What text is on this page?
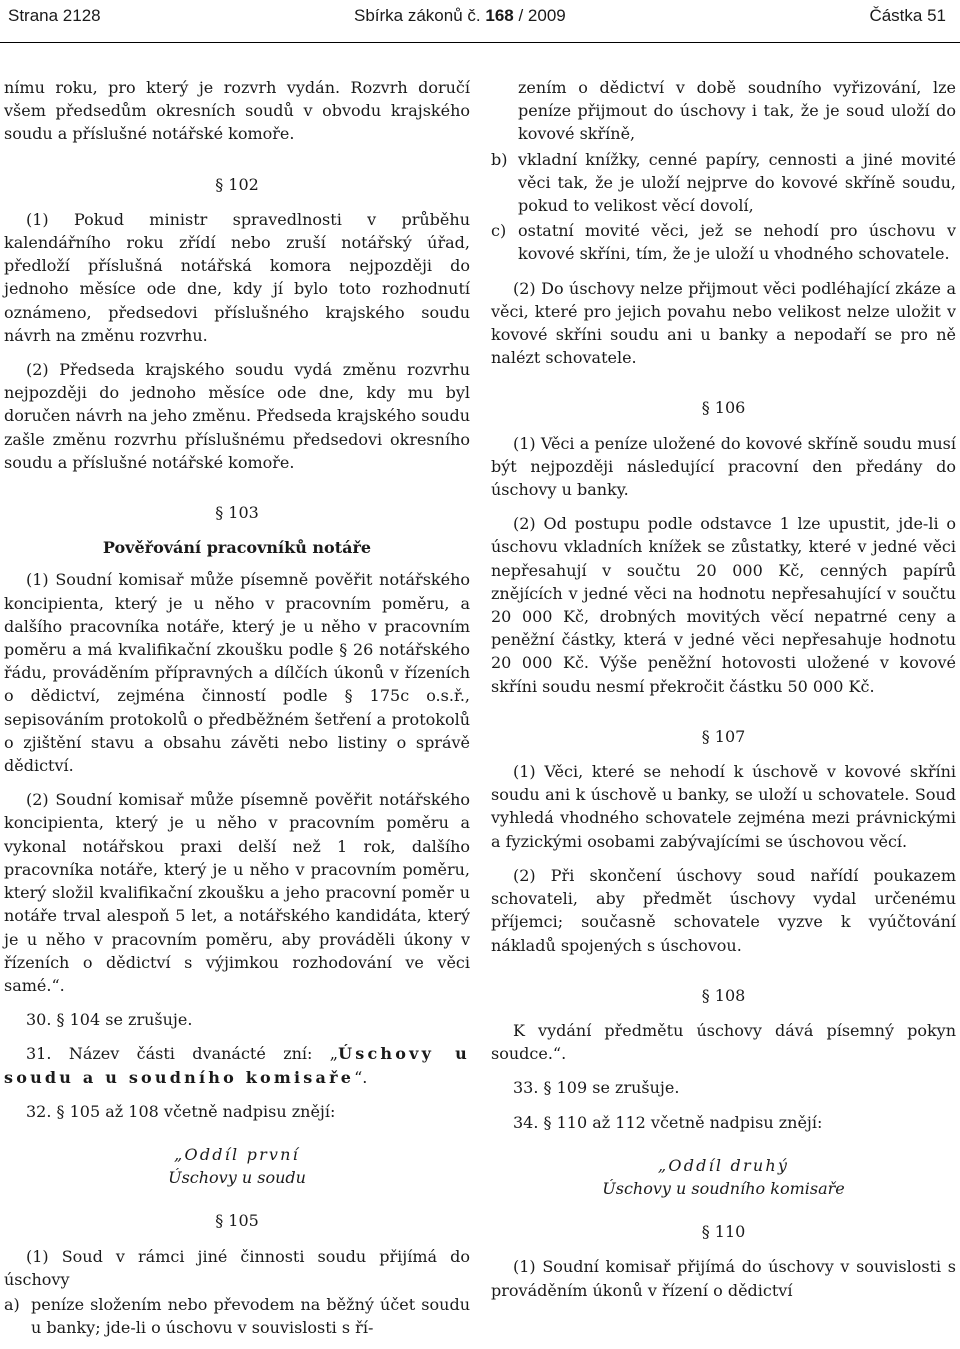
Strana 2128	Sbírka zákonů č. 168 / 2009	Částka 51

nímu roku, pro který je rozvrh vydán. Rozvrh doručí všem předsedům okresních soudů v obvodu krajského soudu a příslušné notářské komoře.

§ 102

(1) Pokud ministr spravedlnosti v průběhu kalendářního roku zřídí nebo zruší notářský úřad, předloží příslušná notářská komora nejpozději do jednoho měsíce ode dne, kdy jí bylo toto rozhodnutí oznámeno, předsedovi příslušného krajského soudu návrh na změnu rozvrhu.

(2) Předseda krajského soudu vydá změnu rozvrhu nejpozději do jednoho měsíce ode dne, kdy mu byl doručen návrh na jeho změnu. Předseda krajského soudu zašle změnu rozvrhu příslušnému předsedovi okresního soudu a příslušné notářské komoře.

§ 103

Pověřování pracovníků notáře

(1) Soudní komisař může písemně pověřit notářského koncipienta, který je u něho v pracovním poměru, a dalšího pracovníka notáře, který je u něho v pracovním poměru a má kvalifikační zkoušku podle § 26 notářského řádu, prováděním přípravných a dílčích úkonů v řízeních o dědictví, zejména činností podle § 175c o.s.ř., sepisováním protokolů o předběžném šetření a protokolů o zjištění stavu a obsahu závěti nebo listiny o správě dědictví.

(2) Soudní komisař může písemně pověřit notářského koncipienta, který je u něho v pracovním poměru a vykonal notářskou praxi delší než 1 rok, dalšího pracovníka notáře, který je u něho v pracovním poměru, který složil kvalifikační zkoušku a jeho pracovní poměr u notáře trval alespoň 5 let, a notářského kandidáta, který je u něho v pracovním poměru, aby prováděli úkony v řízeních o dědictví s výjimkou rozhodování ve věci samé.“.

30. § 104 se zrušuje.

31. Název části dvanácté zní: „Úschovy u soudu a u soudního komisaře“.

32. § 105 až 108 včetně nadpisu znějí:

„Oddíl první

Úschovy u soudu

§ 105

(1) Soud v rámci jiné činnosti soudu přijímá do úschovy

a) peníze složením nebo převodem na běžný účet soudu u banky; jde-li o úschovu v souvislosti s ří-

zením o dědictví v době soudního vyřizování, lze peníze přijmout do úschovy i tak, že je soud uloží do kovové skříně,

b) vkladní knížky, cenné papíry, cennosti a jiné movité věci tak, že je uloží nejprve do kovové skříně soudu, pokud to velikost věcí dovolí,

c) ostatní movité věci, jež se nehodí pro úschovu v kovové skříni, tím, že je uloží u vhodného schovatele.

(2) Do úschovy nelze přijmout věci podléhající zkáze a věci, které pro jejich povahu nebo velikost nelze uložit v kovové skříni soudu ani u banky a nepodaří se pro ně nalézt schovatele.

§ 106

(1) Věci a peníze uložené do kovové skříně soudu musí být nejpozději následující pracovní den předány do úschovy u banky.

(2) Od postupu podle odstavce 1 lze upustit, jde-li o úschovu vkladních knížek se zůstatky, které v jedné věci nepřesahují v součtu 20 000 Kč, cenných papírů znějících v jedné věci na hodnotu nepřesahující v součtu 20 000 Kč, drobných movitých věcí nepatrné ceny a peněžní částky, která v jedné věci nepřesahuje hodnotu 20 000 Kč. Výše peněžní hotovosti uložené v kovové skříni soudu nesmí překročit částku 50 000 Kč.

§ 107

(1) Věci, které se nehodí k úschově v kovové skříni soudu ani k úschově u banky, se uloží u schovatele. Soud vyhledá vhodného schovatele zejména mezi právnickými a fyzickými osobami zabývajícími se úschovou věcí.

(2) Při skončení úschovy soud nařídí poukazem schovateli, aby předmět úschovy vydal určenému příjemci; současně schovatele vyzve k vyúčtování nákladů spojených s úschovou.

§ 108

K vydání předmětu úschovy dává písemný pokyn soudce.“.

33. § 109 se zrušuje.

34. § 110 až 112 včetně nadpisu znějí:

„Oddíl druhý

Úschovy u soudního komisaře

§ 110

(1) Soudní komisař přijímá do úschovy v souvislosti s prováděním úkonů v řízení o dědictví
